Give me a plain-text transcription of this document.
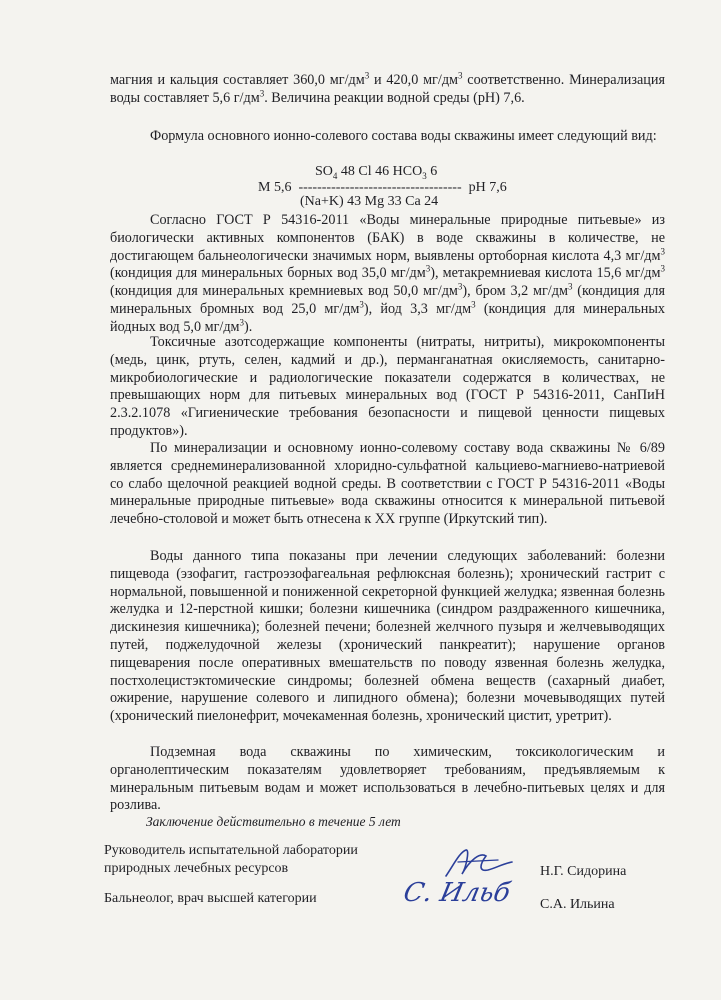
магния и кальция составляет 360,0 $мг/дм^3$ и 420,0 $мг/дм^3$ соответственно. Минерализация воды составляет 5,6 $г/дм^3$. Величина реакции водной среды (рН) 7,6.

Формула основного ионно-солевого состава воды скважины имеет следующий вид:

$SO_4$ 48 Cl 46 $HCO_3$ 6
M 5,6  -----------------------------------  pH 7,6
(Na+K) 43 Mg 33 Ca 24

Согласно ГОСТ Р 54316-2011 «Воды минеральные природные питьевые» из биологически активных компонентов (БАК) в воде скважины в количестве, не достигающем бальнеологически значимых норм, выявлены ортоборная кислота 4,3 $мг/дм^3$ (кондиция для минеральных борных вод 35,0 $мг/дм^3$), метакремниевая кислота 15,6 $мг/дм^3$ (кондиция для минеральных кремниевых вод 50,0 $мг/дм^3$), бром 3,2 $мг/дм^3$ (кондиция для минеральных бромных вод 25,0 $мг/дм^3$), йод 3,3 $мг/дм^3$ (кондиция для минеральных йодных вод 5,0 $мг/дм^3$).

Токсичные азотсодержащие компоненты (нитраты, нитриты), микрокомпоненты (медь, цинк, ртуть, селен, кадмий и др.), перманганатная окисляемость, санитарно-микробиологические и радиологические показатели содержатся в количествах, не превышающих норм для питьевых минеральных вод (ГОСТ Р 54316-2011, СанПиН 2.3.2.1078 «Гигиенические требования безопасности и пищевой ценности пищевых продуктов»).

По минерализации и основному ионно-солевому составу вода скважины № 6/89 является среднеминерализованной хлоридно-сульфатной кальциево-магниево-натриевой со слабо щелочной реакцией водной среды. В соответствии с ГОСТ Р 54316-2011 «Воды минеральные природные питьевые» вода скважины относится к минеральной питьевой лечебно-столовой и может быть отнесена к XX группе (Иркутский тип).

Воды данного типа показаны при лечении следующих заболеваний: болезни пищевода (эзофагит, гастроэзофагеальная рефлюксная болезнь); хронический гастрит с нормальной, повышенной и пониженной секреторной функцией желудка; язвенная болезнь желудка и 12-перстной кишки; болезни кишечника (синдром раздраженного кишечника, дискинезия кишечника); болезней печени; болезней желчного пузыря и желчевыводящих путей, поджелудочной железы (хронический панкреатит); нарушение органов пищеварения после оперативных вмешательств по поводу язвенная болезнь желудка, постхолецистэктомические синдромы; болезней обмена веществ (сахарный диабет, ожирение, нарушение солевого и липидного обмена); болезни мочевыводящих путей (хронический пиелонефрит, мочекаменная болезнь, хронический цистит, уретрит).

Подземная вода скважины по химическим, токсикологическим и органолептическим показателям удовлетворяет требованиям, предъявляемым к минеральным питьевым водам и может использоваться в лечебно-питьевых целях и для розлива.

Заключение действительно в течение 5 лет
Руководитель испытательной лаборатории
природных лечебных ресурсов	Н.Г. Сидорина
Бальнеолог, врач высшей категории	С. Ильб С.А. Ильина
